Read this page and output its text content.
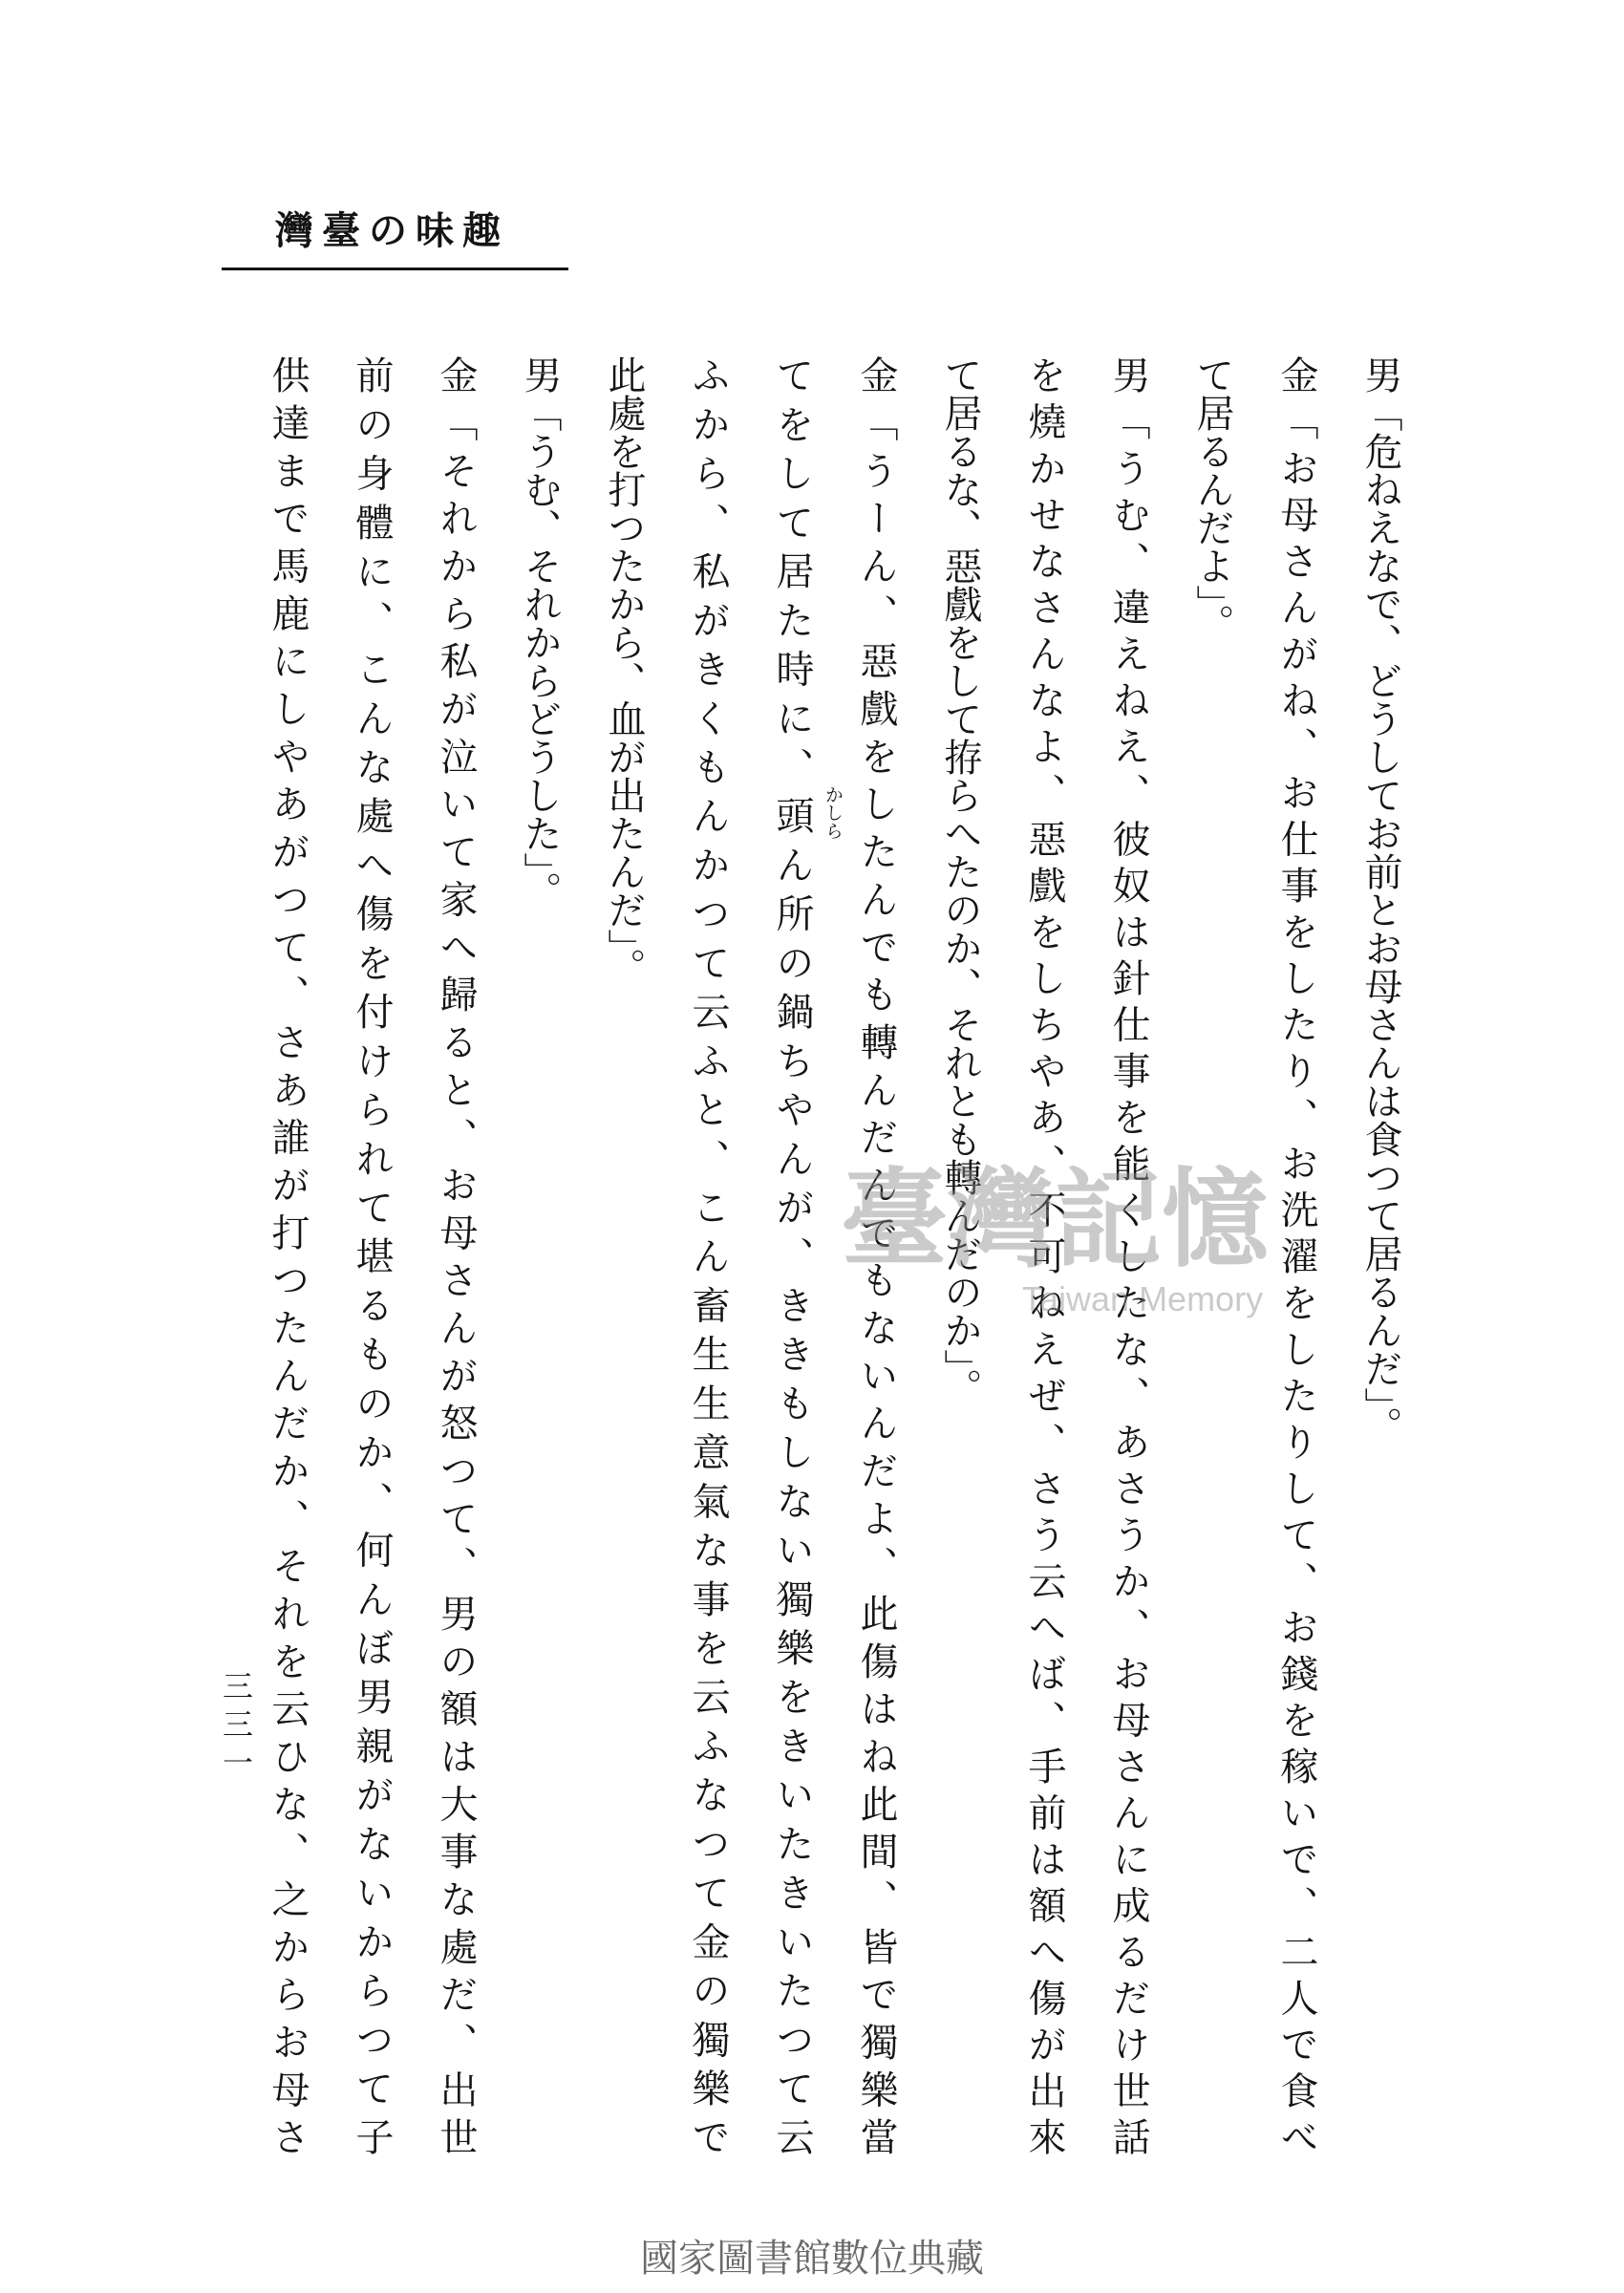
趣味の臺灣
男「危ねえなで、どうしてお前とお母さんは食つて居るんだ」。
金「お母さんがね、お仕事をしたり、お洗濯をしたりして、お錢を稼いで、二人で食べ
て居るんだよ」。
男「うむ、違えねえ、彼奴は針仕事を能くしたな、あさうか、お母さんに成るだけ世話
を燒かせなさんなよ、惡戲をしちやあ、不可ねえぜ、さう云へば、手前は額へ傷が出來
て居るな、惡戲をして拵らへたのか、それとも轉んだのか」。
金「うーん、惡戲をしたんでも轉んだんでもないんだよ、此傷はね此間、皆で獨樂當
てをして居た時に、頭ん所の鍋ちやんが、ききもしない獨樂をきいたきいたつて云
ふから、私がきくもんかつて云ふと、こん畜生生意氣な事を云ふなつて金の獨樂で
此處を打つたから、血が出たんだ」。
男「うむ、それからどうした」。
金「それから私が泣いて家へ歸ると、お母さんが怒つて、男の額は大事な處だ、出世
前の身體に、こんな處へ傷を付けられて堪るものか、何んぼ男親がないからつて子
供達まで馬鹿にしやあがつて、さあ誰が打つたんだか、それを云ひな、之からお母さ	かしら
三三一
臺灣記憶
Taiwan Memory
國家圖書館數位典藏
